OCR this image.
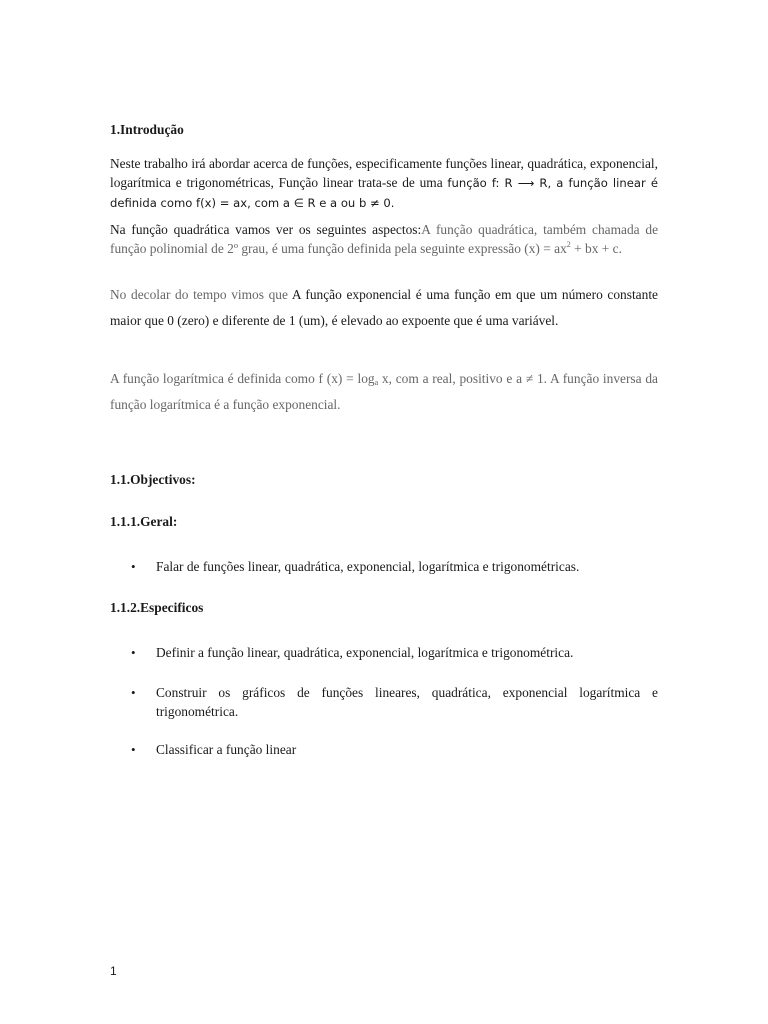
1.Introdução
Neste trabalho irá abordar acerca de funções, especificamente funções linear, quadrática, exponencial, logarítmica e trigonométricas, Função linear trata-se de uma função f: R ⟶ R, a função linear é definida como f(x) = ax, com a ∈ R e a ou b ≠ 0.
Na função quadrática vamos ver os seguintes aspectos:A função quadrática, também chamada de função polinomial de 2º grau, é uma função definida pela seguinte expressão $(x) = ax^2$ + bx + c.
No decolar do tempo vimos que A função exponencial é uma função em que um número constante maior que 0 (zero) e diferente de 1 (um), é elevado ao expoente que é uma variável.
A função logarítmica é definida como f $(x) = \log_a x$, com a real, positivo e a ≠ 1. A função inversa da função logarítmica é a função exponencial.
1.1.Objectivos:
1.1.1.Geral:
• Falar de funções linear, quadrática, exponencial, logarítmica e trigonométricas.
1.1.2.Especificos
• Definir a função linear, quadrática, exponencial, logarítmica e trigonométrica.
• Construir os gráficos de funções lineares, quadrática, exponencial logarítmica e trigonométrica.
• Classificar a função linear
1
